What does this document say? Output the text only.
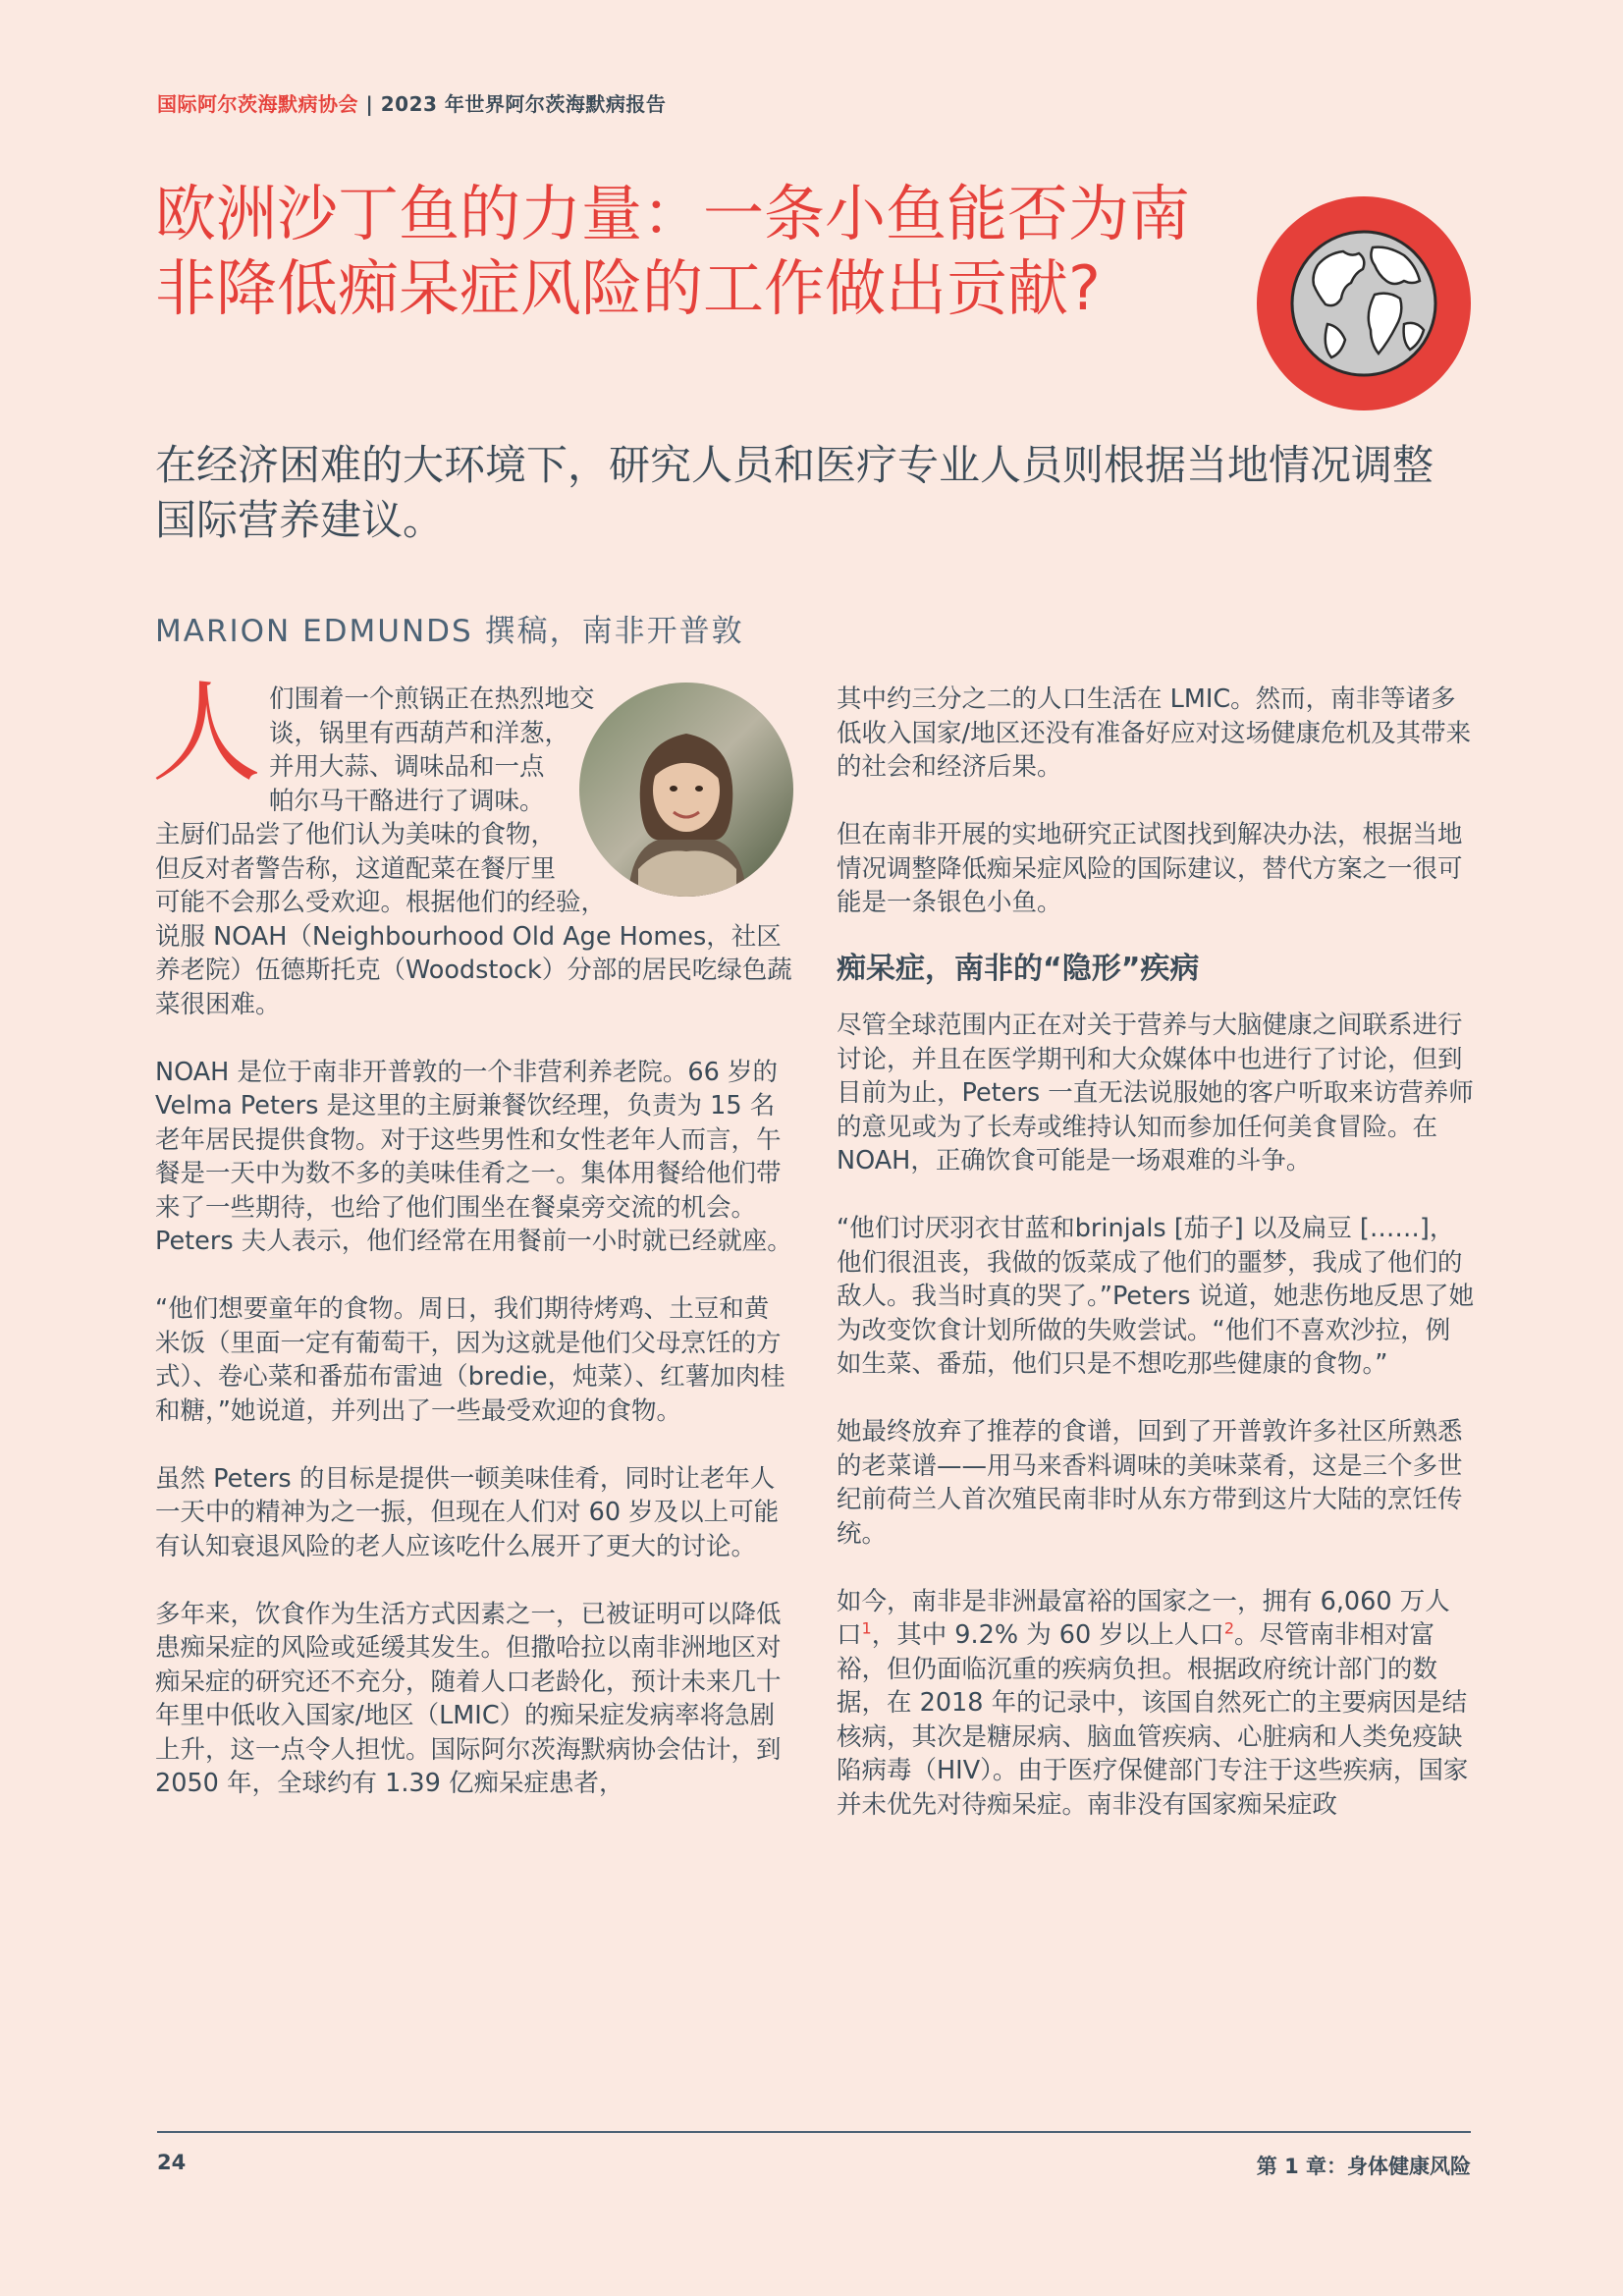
国际阿尔茨海默病协会 | 2023 年世界阿尔茨海默病报告
欧洲沙丁鱼的力量：一条小鱼能否为南非降低痴呆症风险的工作做出贡献?

在经济困难的大环境下，研究人员和医疗专业人员则根据当地情况调整国际营养建议。

MARION EDMUNDS 撰稿，南非开普敦

人 们围着一个煎锅正在热烈地交谈，锅里有西葫芦和洋葱，并用大蒜、调味品和一点帕尔马干酪进行了调味。主厨们品尝了他们认为美味的食物，但反对者警告称，这道配菜在餐厅里可能不会那么受欢迎。根据他们的经验，说服 NOAH（Neighbourhood Old Age Homes，社区养老院）伍德斯托克（Woodstock）分部的居民吃绿色蔬菜很困难。

NOAH 是位于南非开普敦的一个非营利养老院。66 岁的 Velma Peters 是这里的主厨兼餐饮经理，负责为 15 名老年居民提供食物。对于这些男性和女性老年人而言，午餐是一天中为数不多的美味佳肴之一。集体用餐给他们带来了一些期待，也给了他们围坐在餐桌旁交流的机会。Peters 夫人表示，他们经常在用餐前一小时就已经就座。

“他们想要童年的食物。周日，我们期待烤鸡、土豆和黄米饭（里面一定有葡萄干，因为这就是他们父母烹饪的方式）、卷心菜和番茄布雷迪（bredie，炖菜）、红薯加肉桂和糖，”她说道，并列出了一些最受欢迎的食物。

虽然 Peters 的目标是提供一顿美味佳肴，同时让老年人一天中的精神为之一振，但现在人们对 60 岁及以上可能有认知衰退风险的老人应该吃什么展开了更大的讨论。

多年来，饮食作为生活方式因素之一，已被证明可以降低患痴呆症的风险或延缓其发生。但撒哈拉以南非洲地区对痴呆症的研究还不充分，随着人口老龄化，预计未来几十年里中低收入国家/地区（LMIC）的痴呆症发病率将急剧上升，这一点令人担忧。国际阿尔茨海默病协会估计，到 2050 年，全球约有 1.39 亿痴呆症患者，

其中约三分之二的人口生活在 LMIC。然而，南非等诸多低收入国家/地区还没有准备好应对这场健康危机及其带来的社会和经济后果。

但在南非开展的实地研究正试图找到解决办法，根据当地情况调整降低痴呆症风险的国际建议，替代方案之一很可能是一条银色小鱼。

痴呆症，南非的“隐形”疾病

尽管全球范围内正在对关于营养与大脑健康之间联系进行讨论，并且在医学期刊和大众媒体中也进行了讨论，但到目前为止，Peters 一直无法说服她的客户听取来访营养师的意见或为了长寿或维持认知而参加任何美食冒险。在 NOAH，正确饮食可能是一场艰难的斗争。

“他们讨厌羽衣甘蓝和brinjals [茄子] 以及扁豆 [……]，他们很沮丧，我做的饭菜成了他们的噩梦，我成了他们的敌人。我当时真的哭了。”Peters 说道，她悲伤地反思了她为改变饮食计划所做的失败尝试。“他们不喜欢沙拉，例如生菜、番茄，他们只是不想吃那些健康的食物。”

她最终放弃了推荐的食谱，回到了开普敦许多社区所熟悉的老菜谱——用马来香料调味的美味菜肴，这是三个多世纪前荷兰人首次殖民南非时从东方带到这片大陆的烹饪传统。

如今，南非是非洲最富裕的国家之一，拥有 6,060 万人口$^1$，其中 9.2% 为 60 岁以上人口$^2$。尽管南非相对富裕，但仍面临沉重的疾病负担。根据政府统计部门的数据，在 2018 年的记录中，该国自然死亡的主要病因是结核病，其次是糖尿病、脑血管疾病、心脏病和人类免疫缺陷病毒（HIV）。由于医疗保健部门专注于这些疾病，国家并未优先对待痴呆症。南非没有国家痴呆症政

24	第 1 章：身体健康风险
